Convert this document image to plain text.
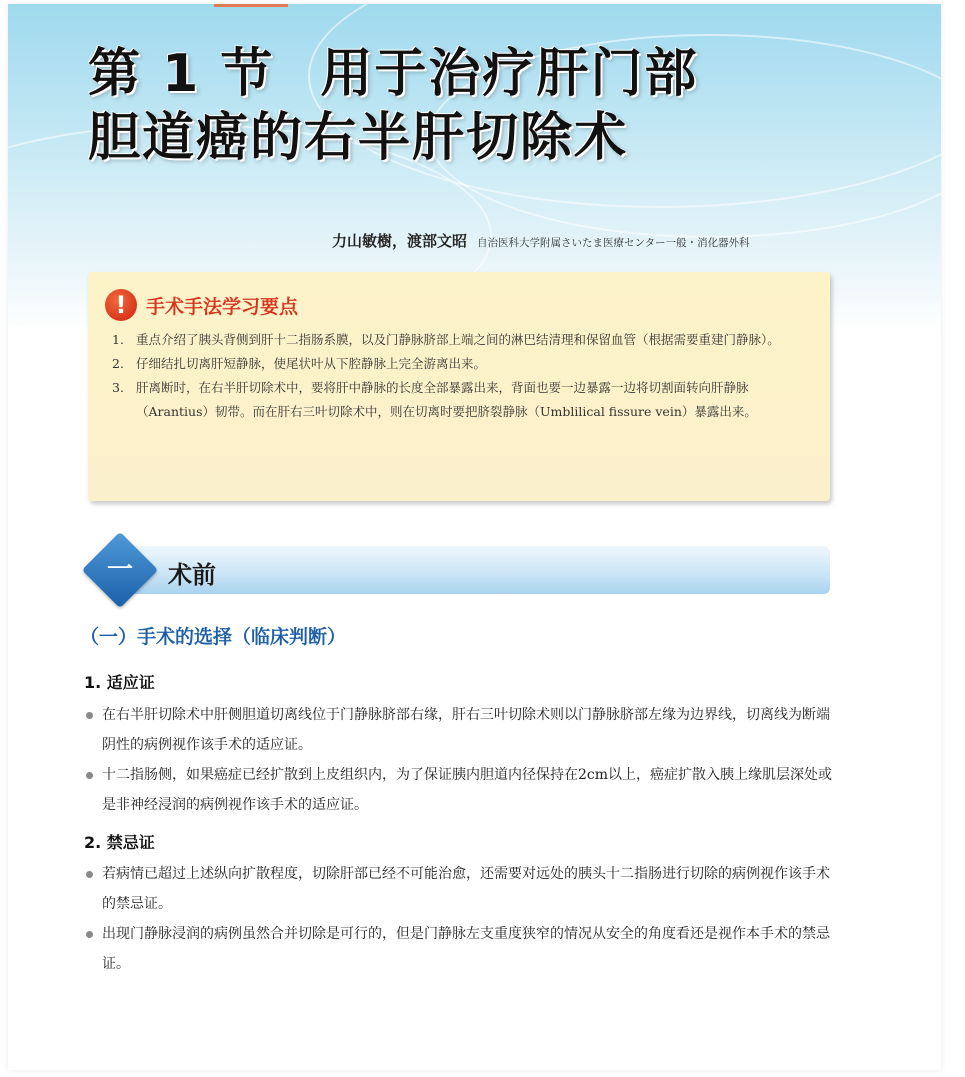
第 1 节 用于治疗肝门部
胆道癌的右半肝切除术
力山敏樹，渡部文昭 自治医科大学附属さいたま医療センター一般・消化器外科
!	手术手法学习要点
1. 重点介绍了胰头背侧到肝十二指肠系膜，以及门静脉脐部上端之间的淋巴结清理和保留血管（根据需要重建门静脉）。
2. 仔细结扎切离肝短静脉，使尾状叶从下腔静脉上完全游离出来。
3. 肝离断时，在右半肝切除术中，要将肝中静脉的长度全部暴露出来，背面也要一边暴露一边将切割面转向肝静脉（Arantius）韧带。而在肝右三叶切除术中，则在切离时要把脐裂静脉（Umblilical fissure vein）暴露出来。
一	术前
（一）手术的选择（临床判断）
1. 适应证
在右半肝切除术中肝侧胆道切离线位于门静脉脐部右缘，肝右三叶切除术则以门静脉脐部左缘为边界线，切离线为断端阴性的病例视作该手术的适应证。
十二指肠侧，如果癌症已经扩散到上皮组织内，为了保证胰内胆道内径保持在2cm以上，癌症扩散入胰上缘肌层深处或是非神经浸润的病例视作该手术的适应证。
2. 禁忌证
若病情已超过上述纵向扩散程度，切除肝部已经不可能治愈，还需要对远处的胰头十二指肠进行切除的病例视作该手术的禁忌证。
出现门静脉浸润的病例虽然合并切除是可行的，但是门静脉左支重度狭窄的情况从安全的角度看还是视作本手术的禁忌证。
